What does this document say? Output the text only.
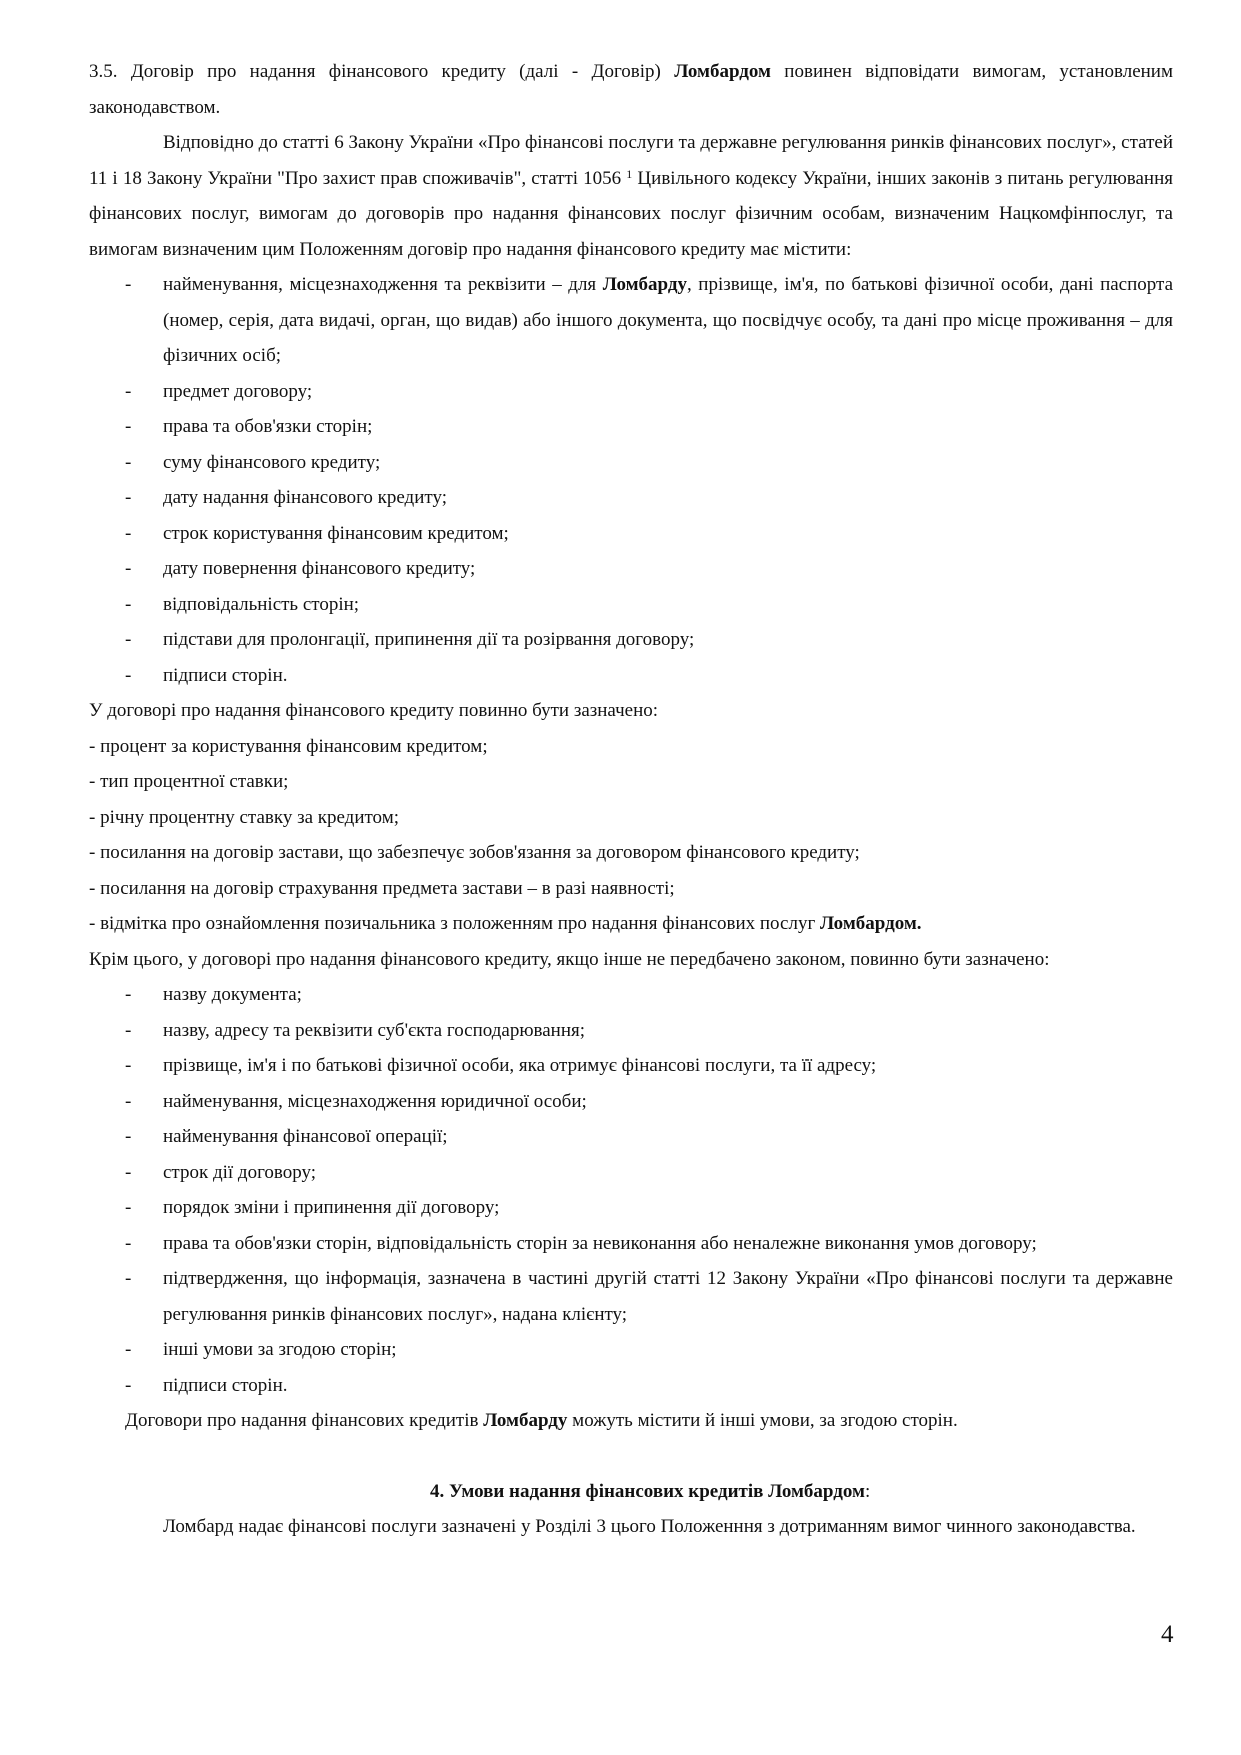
3.5. Договір про надання фінансового кредиту (далі - Договір) Ломбардом повинен відповідати вимогам, установленим законодавством.

Відповідно до статті 6 Закону України «Про фінансові послуги та державне регулювання ринків фінансових послуг», статей 11 і 18 Закону України "Про захист прав споживачів", статті 1056 $^1$ Цивільного кодексу України, інших законів з питань регулювання фінансових послуг, вимогам до договорів про надання фінансових послуг фізичним особам, визначеним Нацкомфінпослуг, та вимогам визначеним цим Положенням договір про надання фінансового кредиту має містити:

- найменування, місцезнаходження та реквізити – для Ломбарду, прізвище, ім'я, по батькові фізичної особи, дані паспорта (номер, серія, дата видачі, орган, що видав) або іншого документа, що посвідчує особу, та дані про місце проживання – для фізичних осіб;
- предмет договору;
- права та обов'язки сторін;
- суму фінансового кредиту;
- дату надання фінансового кредиту;
- строк користування фінансовим кредитом;
- дату повернення фінансового кредиту;
- відповідальність сторін;
- підстави для пролонгації, припинення дії та розірвання договору;
- підписи сторін.

У договорі про надання фінансового кредиту повинно бути зазначено:

- процент за користування фінансовим кредитом;

- тип процентної ставки;

- річну процентну ставку за кредитом;

- посилання на договір застави, що забезпечує зобов'язання за договором фінансового кредиту;

- посилання на договір страхування предмета застави – в разі наявності;

- відмітка про ознайомлення позичальника з положенням про надання фінансових послуг Ломбардом.

Крім цього, у договорі про надання фінансового кредиту, якщо інше не передбачено законом, повинно бути зазначено:

- назву документа;
- назву, адресу та реквізити суб'єкта господарювання;
- прізвище, ім'я і по батькові фізичної особи, яка отримує фінансові послуги, та її адресу;
- найменування, місцезнаходження юридичної особи;
- найменування фінансової операції;
- строк дії договору;
- порядок зміни і припинення дії договору;
- права та обов'язки сторін, відповідальність сторін за невиконання або неналежне виконання умов договору;
- підтвердження, що інформація, зазначена в частині другій статті 12 Закону України «Про фінансові послуги та державне регулювання ринків фінансових послуг», надана клієнту;
- інші умови за згодою сторін;
- підписи сторін.

Договори про надання фінансових кредитів Ломбарду можуть містити й інші умови, за згодою сторін.

4. Умови надання фінансових кредитів Ломбардом:

Ломбард надає фінансові послуги зазначені у Розділі 3 цього Положенння з дотриманням вимог чинного законодавства.

4
